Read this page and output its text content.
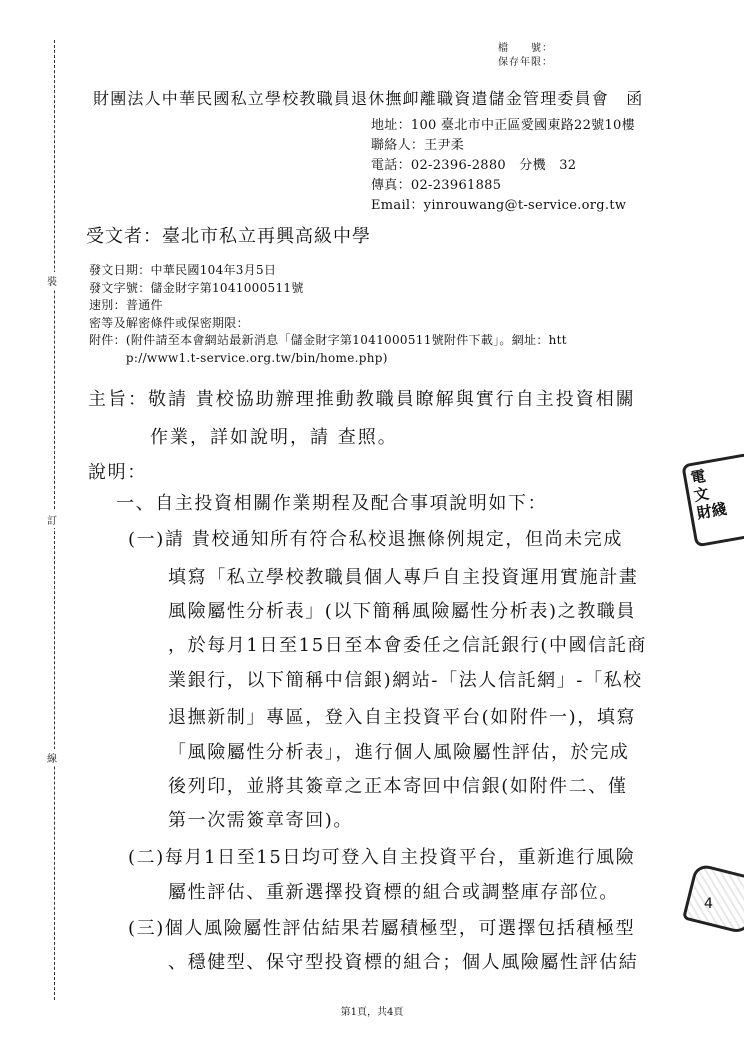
裝
訂
線
檔　　號：
保存年限：
財團法人中華民國私立學校教職員退休撫卹離職資遣儲金管理委員會　函
地址：100 臺北市中正區愛國東路22號10樓
聯絡人：王尹柔
電話：02-2396-2880　分機　32
傳真：02-23961885
Email：yinrouwang@t-service.org.tw
受文者：臺北市私立再興高級中學
發文日期：中華民國104年3月5日
發文字號：儲金財字第1041000511號
速別：普通件
密等及解密條件或保密期限：
附件：(附件請至本會網站最新消息「儲金財字第1041000511號附件下載」。網址：htt
　　　p://www1.t-service.org.tw/bin/home.php)
主旨：敬請 貴校協助辦理推動教職員瞭解與實行自主投資相關
作業，詳如說明，請 查照。
說明：
一、自主投資相關作業期程及配合事項說明如下：
(一)請 貴校通知所有符合私校退撫條例規定，但尚未完成
填寫「私立學校教職員個人專戶自主投資運用實施計畫
風險屬性分析表」(以下簡稱風險屬性分析表)之教職員
，於每月1日至15日至本會委任之信託銀行(中國信託商
業銀行，以下簡稱中信銀)網站-「法人信託網」-「私校
退撫新制」專區，登入自主投資平台(如附件一)，填寫
「風險屬性分析表」，進行個人風險屬性評估，於完成
後列印，並將其簽章之正本寄回中信銀(如附件二、僅
第一次需簽章寄回)。
(二)每月1日至15日均可登入自主投資平台，重新進行風險
屬性評估、重新選擇投資標的組合或調整庫存部位。
(三)個人風險屬性評估結果若屬積極型，可選擇包括積極型
、穩健型、保守型投資標的組合；個人風險屬性評估結
電
文
財綫
4
第1頁，共4頁
